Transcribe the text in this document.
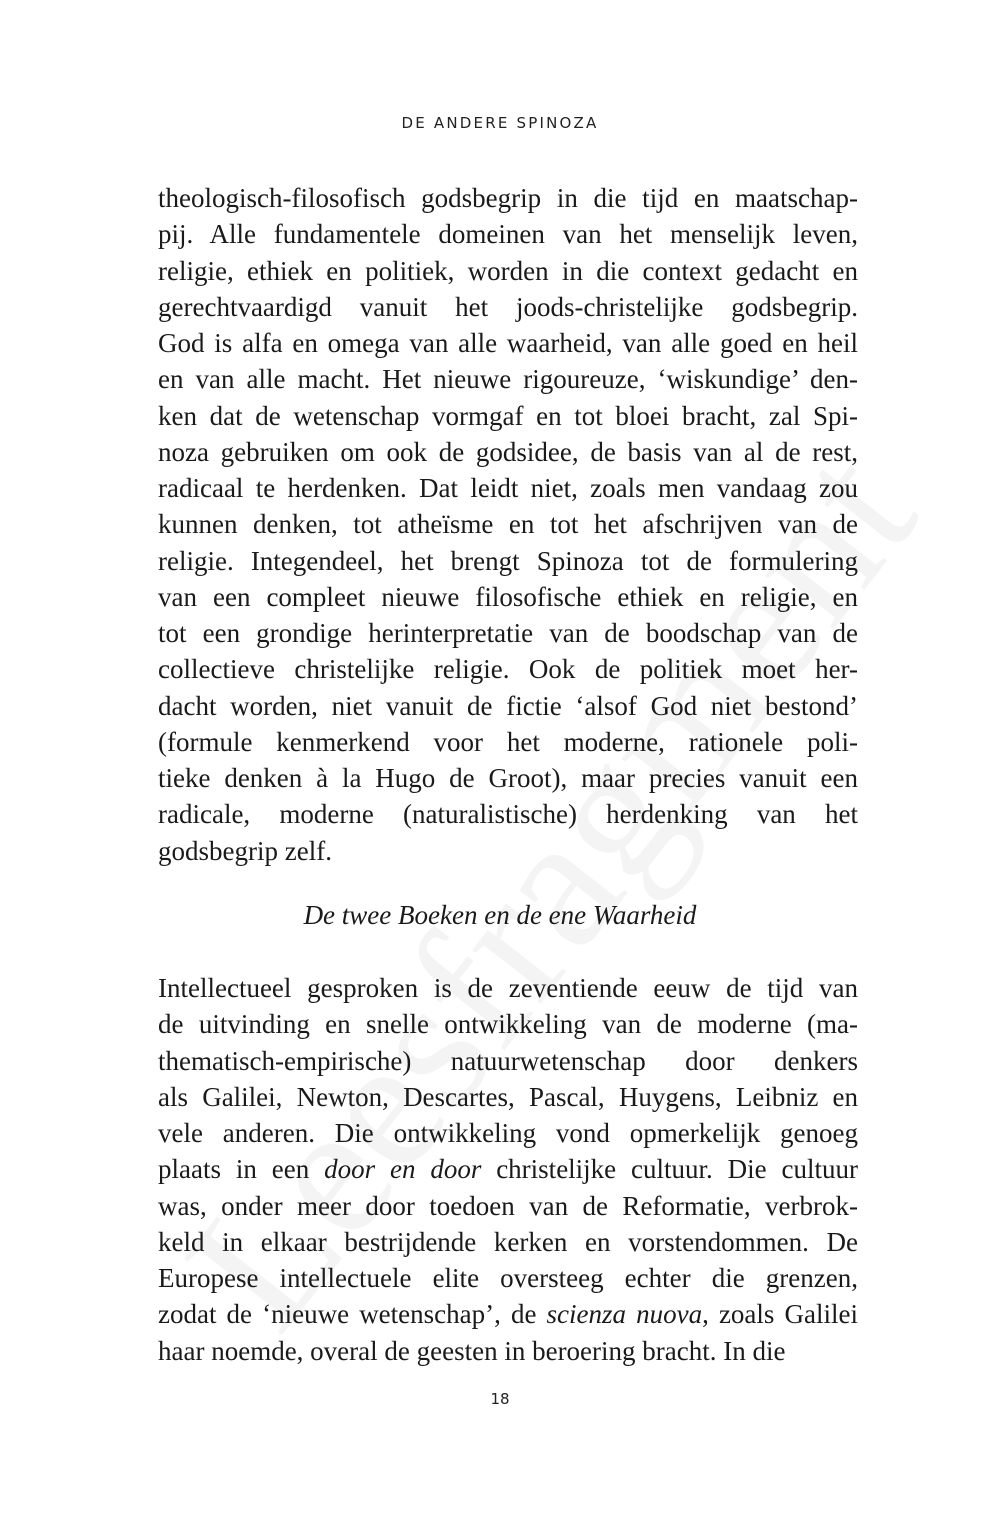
DE ANDERE SPINOZA
theologisch-filosofisch godsbegrip in die tijd en maatschap-
pij. Alle fundamentele domeinen van het menselijk leven,
religie, ethiek en politiek, worden in die context gedacht en
gerechtvaardigd vanuit het joods-christelijke godsbegrip.
God is alfa en omega van alle waarheid, van alle goed en heil
en van alle macht. Het nieuwe rigoureuze, ‘wiskundige’ den-
ken dat de wetenschap vormgaf en tot bloei bracht, zal Spi-
noza gebruiken om ook de godsidee, de basis van al de rest,
radicaal te herdenken. Dat leidt niet, zoals men vandaag zou
kunnen denken, tot atheïsme en tot het afschrijven van de
religie. Integendeel, het brengt Spinoza tot de formulering
van een compleet nieuwe filosofische ethiek en religie, en
tot een grondige herinterpretatie van de boodschap van de
collectieve christelijke religie. Ook de politiek moet her-
dacht worden, niet vanuit de fictie ‘alsof God niet bestond’
(formule kenmerkend voor het moderne, rationele poli-
tieke denken à la Hugo de Groot), maar precies vanuit een
radicale, moderne (naturalistische) herdenking van het
godsbegrip zelf.
De twee Boeken en de ene Waarheid
Intellectueel gesproken is de zeventiende eeuw de tijd van
de uitvinding en snelle ontwikkeling van de moderne (ma-
thematisch-empirische) natuurwetenschap door denkers
als Galilei, Newton, Descartes, Pascal, Huygens, Leibniz en
vele anderen. Die ontwikkeling vond opmerkelijk genoeg
plaats in een door en door christelijke cultuur. Die cultuur
was, onder meer door toedoen van de Reformatie, verbrok-
keld in elkaar bestrijdende kerken en vorstendommen. De
Europese intellectuele elite oversteeg echter die grenzen,
zodat de ‘nieuwe wetenschap’, de scienza nuova, zoals Galilei
haar noemde, overal de geesten in beroering bracht. In die
18
